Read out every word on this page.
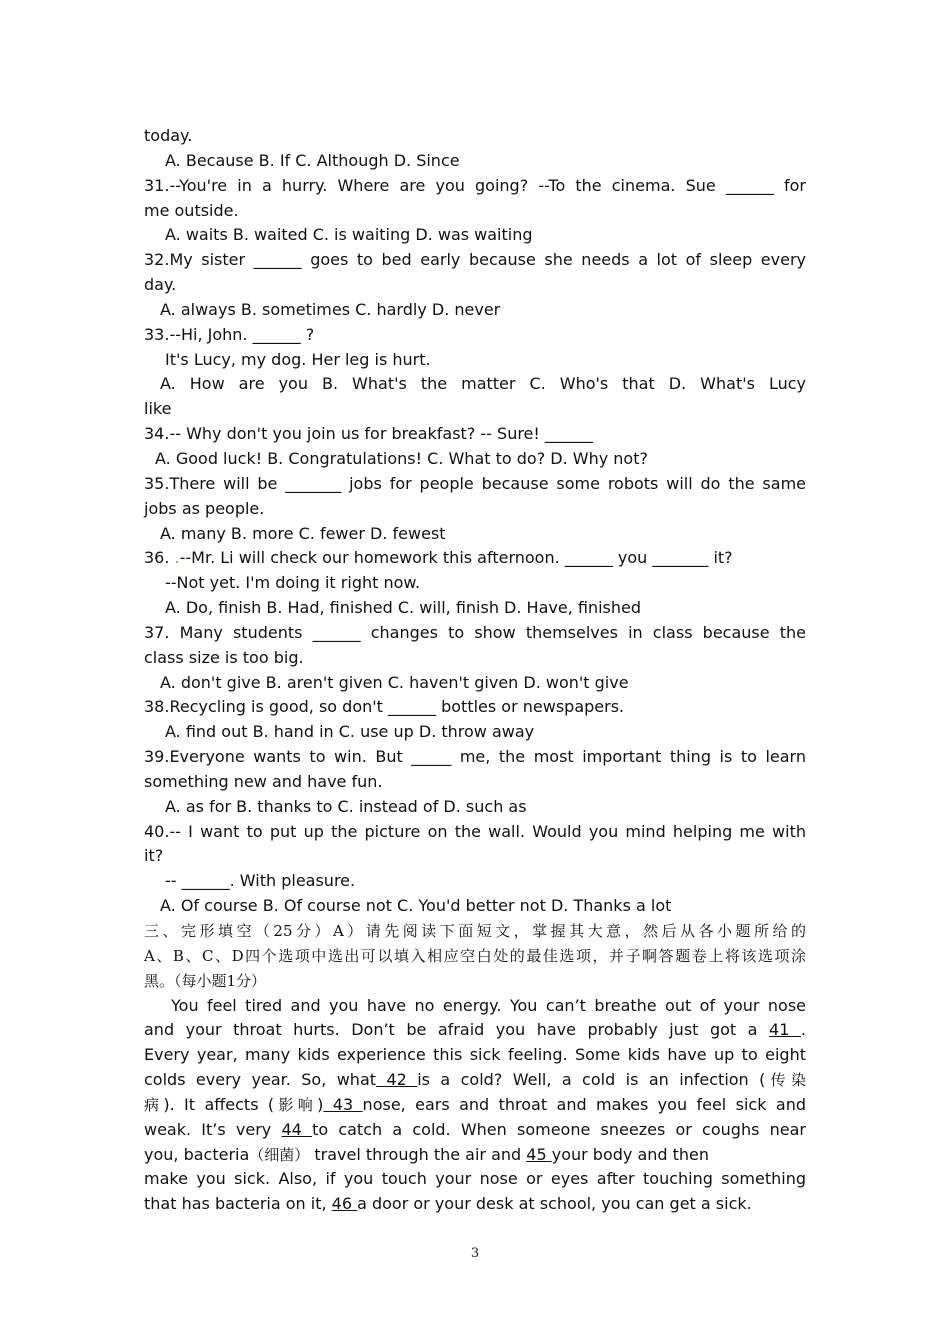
today.
A. Because B. If C. Although D. Since
31.--You're in a hurry. Where are you going? --To the cinema. Sue ______ for
me outside.
A. waits B. waited C. is waiting D. was waiting
32.My sister ______ goes to bed early because she needs a lot of sleep every
day.
A. always B. sometimes C. hardly D. never
33.--Hi, John. ______ ?
It's Lucy, my dog. Her leg is hurt.
A. How are you B. What's the matter C. Who's that D. What's Lucy
like
34.-- Why don't you join us for breakfast? -- Sure! ______
A. Good luck! B. Congratulations! C. What to do? D. Why not?
35.There will be _______ jobs for people because some robots will do the same
jobs as people.
A. many B. more C. fewer D. fewest
36. .--Mr. Li will check our homework this afternoon. ______ you _______ it?
--Not yet. I'm doing it right now.
A. Do, finish B. Had, finished C. will, finish D. Have, finished
37. Many students ______ changes to show themselves in class because the
class size is too big.
A. don't give B. aren't given C. haven't given D. won't give
38.Recycling is good, so don't ______ bottles or newspapers.
A. find out B. hand in C. use up D. throw away
39.Everyone wants to win. But _____ me, the most important thing is to learn
something new and have fun.
A. as for B. thanks to C. instead of D. such as
40.-- I want to put up the picture on the wall. Would you mind helping me with
it?
-- ______. With pleasure.
A. Of course B. Of course not C. You'd better not D. Thanks a lot
三、完形填空（25分）A）请先阅读下面短文，掌握其大意，然后从各小题所给的
A、B、C、D四个选项中选出可以填入相应空白处的最佳选项，并子啊答题卷上将该选项涂
黑。（每小题1分）
You feel tired and you have no energy. You can’t breathe out of your nose
and your throat hurts. Don’t be afraid you have probably just got a 41 .
Every year, many kids experience this sick feeling. Some kids have up to eight
colds every year. So, what 42 is a cold? Well, a cold is an infection (传染
病). It affects (影响) 43 nose, ears and throat and makes you feel sick and
weak. It’s very 44 to catch a cold. When someone sneezes or coughs near
you, bacteria（细菌） travel through the air and 45 your body and then
make you sick. Also, if you touch your nose or eyes after touching something
that has bacteria on it, 46 a door or your desk at school, you can get a sick.
3
